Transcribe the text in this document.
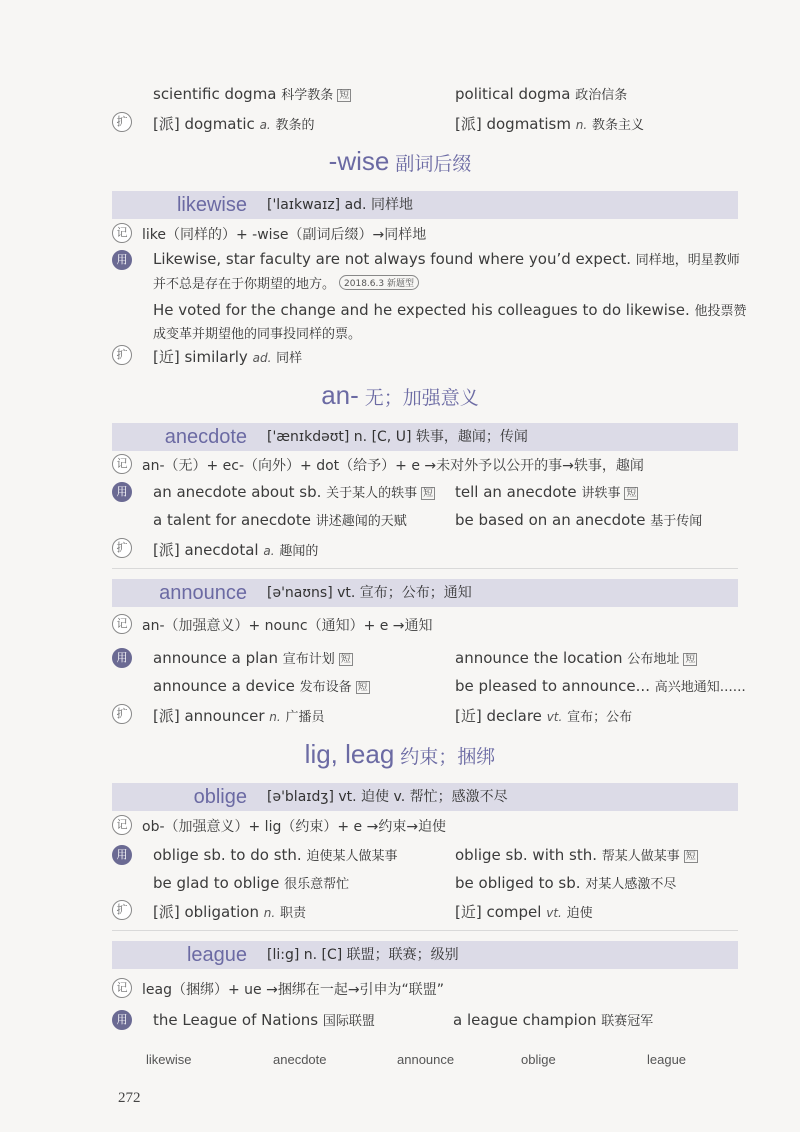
scientific dogma 科学教条 短	political dogma 政治信条
扩	[派] dogmatic a. 教条的	[派] dogmatism n. 教条主义
-wise 副词后缀
likewise ['laɪkwaɪz] ad. 同样地
记	like（同样的）+ -wise（副词后缀）→同样地
用	Likewise, star faculty are not always found where you’d expect. 同样地，明星教师
并不总是存在于你期望的地方。 2018.6.3 新题型
He voted for the change and he expected his colleagues to do likewise. 他投票赞
成变革并期望他的同事投同样的票。
扩	[近] similarly ad. 同样
an- 无；加强意义
anecdote ['ænɪkdəʊt] n. [C, U] 轶事，趣闻；传闻
记	an-（无）+ ec-（向外）+ dot（给予）+ e →未对外予以公开的事→轶事，趣闻
用	an anecdote about sb. 关于某人的轶事 短 tell an anecdote 讲轶事 短
a talent for anecdote 讲述趣闻的天赋	be based on an anecdote 基于传闻
扩	[派] anecdotal a. 趣闻的
announce [ə'naʊns] vt. 宣布；公布；通知
记	an-（加强意义）+ nounc（通知）+ e →通知
用	announce a plan 宣布计划 短	announce the location 公布地址 短
announce a device 发布设备 短	be pleased to announce... 高兴地通知……
扩	[派] announcer n. 广播员	[近] declare vt. 宣布；公布
lig, leag 约束；捆绑
oblige [ə'blaɪdʒ] vt. 迫使 v. 帮忙；感激不尽
记	ob-（加强意义）+ lig（约束）+ e →约束→迫使
用	oblige sb. to do sth. 迫使某人做某事	oblige sb. with sth. 帮某人做某事 短
be glad to oblige 很乐意帮忙	be obliged to sb. 对某人感激不尽
扩	[派] obligation n. 职责	[近] compel vt. 迫使
league [li:g] n. [C] 联盟；联赛；级别
记	leag（捆绑）+ ue →捆绑在一起→引申为“联盟”
用	the League of Nations 国际联盟	a league champion 联赛冠军
likewise	anecdote	announce	oblige	league
272
